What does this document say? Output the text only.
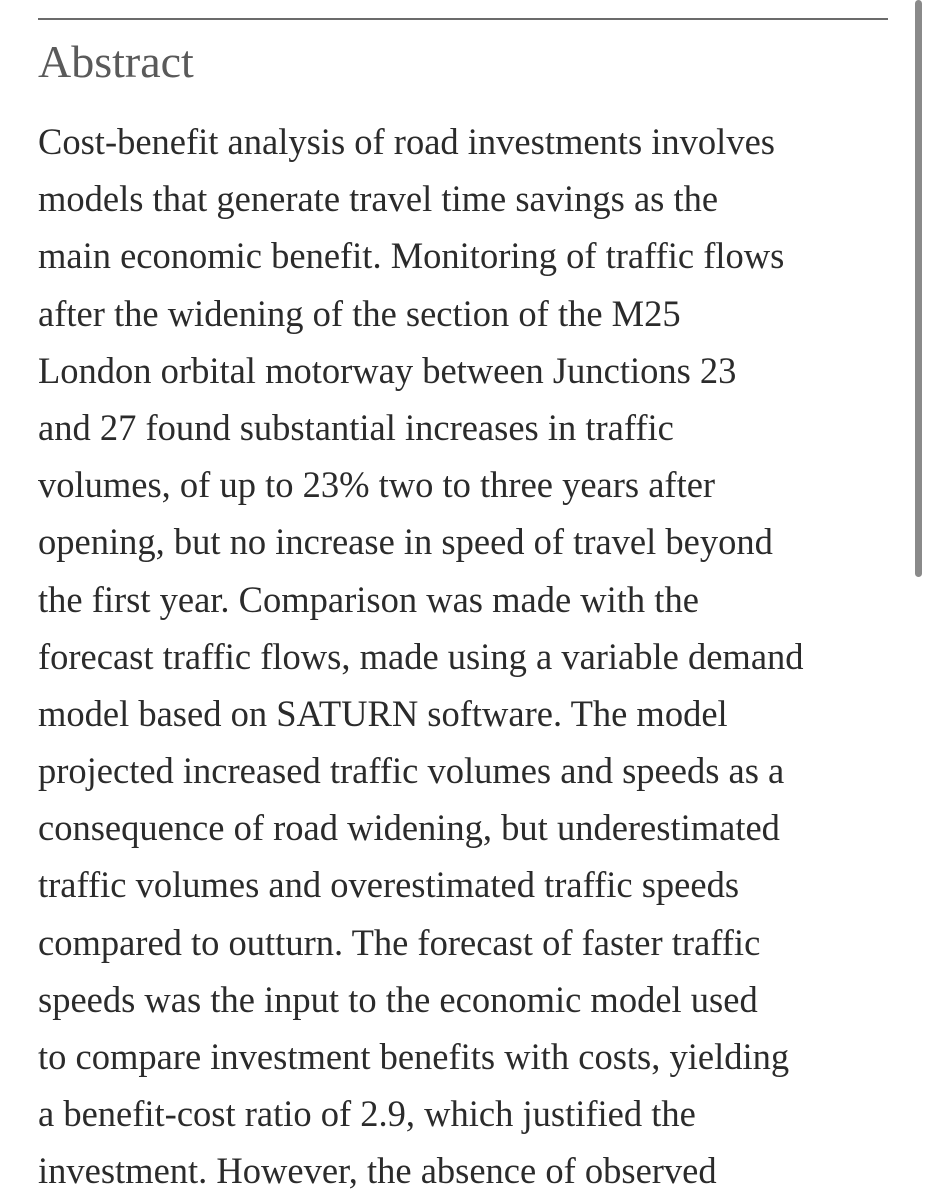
Abstract
Cost-benefit analysis of road investments involves
models that generate travel time savings as the
main economic benefit. Monitoring of traffic flows
after the widening of the section of the M25
London orbital motorway between Junctions 23
and 27 found substantial increases in traffic
volumes, of up to 23% two to three years after
opening, but no increase in speed of travel beyond
the first year. Comparison was made with the
forecast traffic flows, made using a variable demand
model based on SATURN software. The model
projected increased traffic volumes and speeds as a
consequence of road widening, but underestimated
traffic volumes and overestimated traffic speeds
compared to outturn. The forecast of faster traffic
speeds was the input to the economic model used
to compare investment benefits with costs, yielding
a benefit-cost ratio of 2.9, which justified the
investment. However, the absence of observed
